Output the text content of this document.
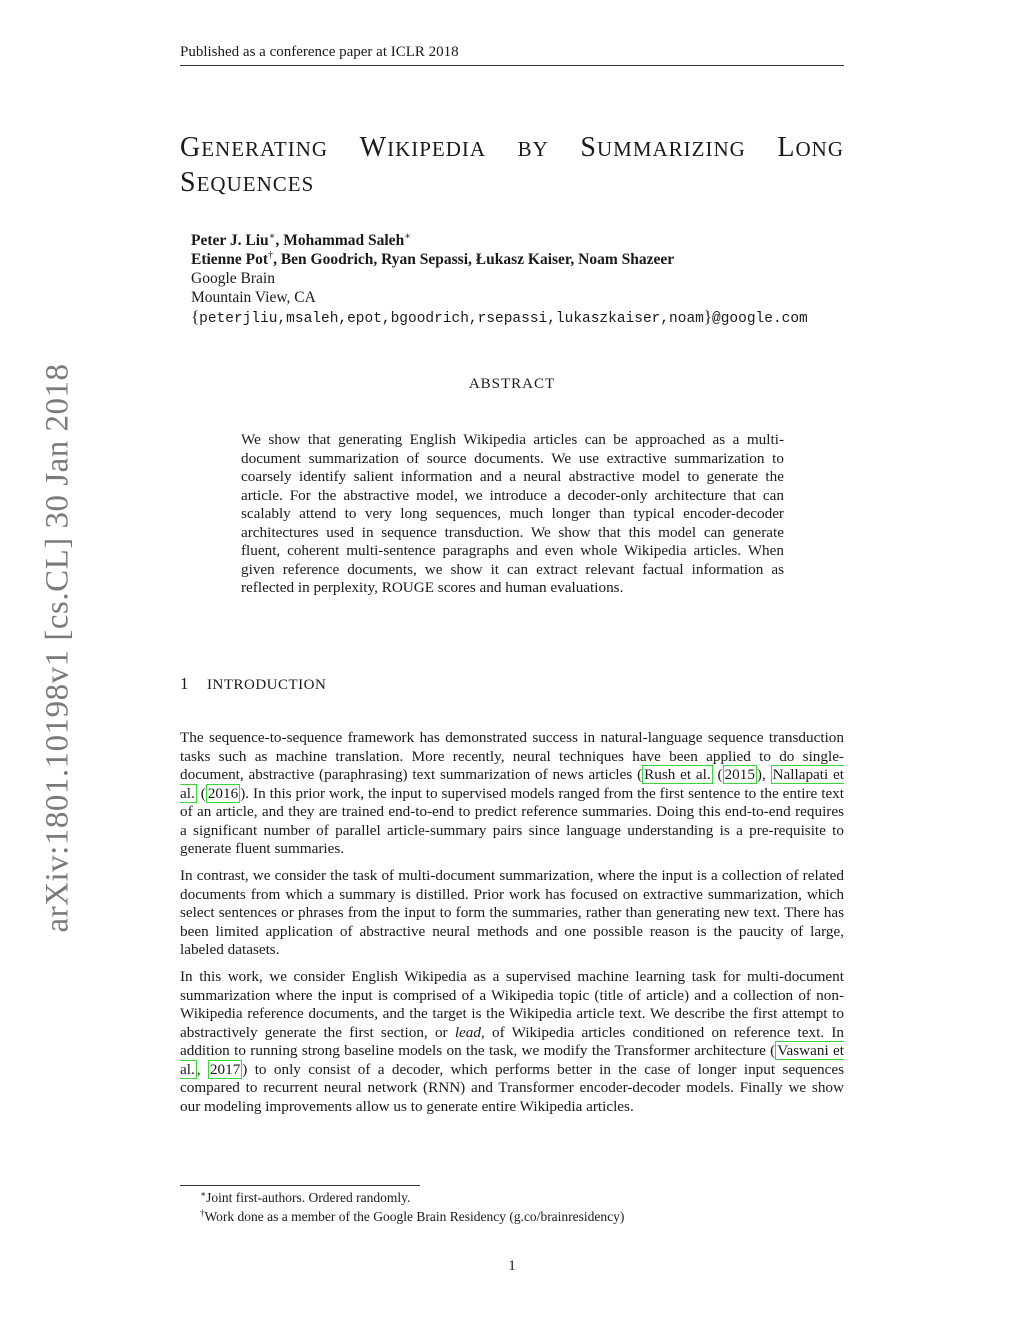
Published as a conference paper at ICLR 2018
arXiv:1801.10198v1 [cs.CL] 30 Jan 2018
GENERATING WIKIPEDIA BY SUMMARIZING LONG
SEQUENCES
Peter J. Liu∗, Mohammad Saleh∗
Etienne Pot†, Ben Goodrich, Ryan Sepassi, Łukasz Kaiser, Noam Shazeer
Google Brain
Mountain View, CA
{peterjliu,msaleh,epot,bgoodrich,rsepassi,lukaszkaiser,noam}@google.com
ABSTRACT
We show that generating English Wikipedia articles can be approached as a multi-document summarization of source documents. We use extractive summarization to coarsely identify salient information and a neural abstractive model to generate the article. For the abstractive model, we introduce a decoder-only architecture that can scalably attend to very long sequences, much longer than typical encoder-decoder architectures used in sequence transduction. We show that this model can generate fluent, coherent multi-sentence paragraphs and even whole Wikipedia articles. When given reference documents, we show it can extract relevant factual information as reflected in perplexity, ROUGE scores and human evaluations.
1 INTRODUCTION
The sequence-to-sequence framework has demonstrated success in natural-language sequence transduction tasks such as machine translation. More recently, neural techniques have been applied to do single-document, abstractive (paraphrasing) text summarization of news articles ( Rush et al. ( 2015 ), Nallapati et al. ( 2016 ). In this prior work, the input to supervised models ranged from the first sentence to the entire text of an article, and they are trained end-to-end to predict reference summaries. Doing this end-to-end requires a significant number of parallel article-summary pairs since language understanding is a pre-requisite to generate fluent summaries.
In contrast, we consider the task of multi-document summarization, where the input is a collection of related documents from which a summary is distilled. Prior work has focused on extractive summarization, which select sentences or phrases from the input to form the summaries, rather than generating new text. There has been limited application of abstractive neural methods and one possible reason is the paucity of large, labeled datasets.
In this work, we consider English Wikipedia as a supervised machine learning task for multi-document summarization where the input is comprised of a Wikipedia topic (title of article) and a collection of non-Wikipedia reference documents, and the target is the Wikipedia article text. We describe the first attempt to abstractively generate the first section, or lead, of Wikipedia articles conditioned on reference text. In addition to running strong baseline models on the task, we modify the Transformer architecture ( Vaswani et al. , 2017 ) to only consist of a decoder, which performs better in the case of longer input sequences compared to recurrent neural network (RNN) and Transformer encoder-decoder models. Finally we show our modeling improvements allow us to generate entire Wikipedia articles.
∗Joint first-authors. Ordered randomly.
†Work done as a member of the Google Brain Residency (g.co/brainresidency)
1
